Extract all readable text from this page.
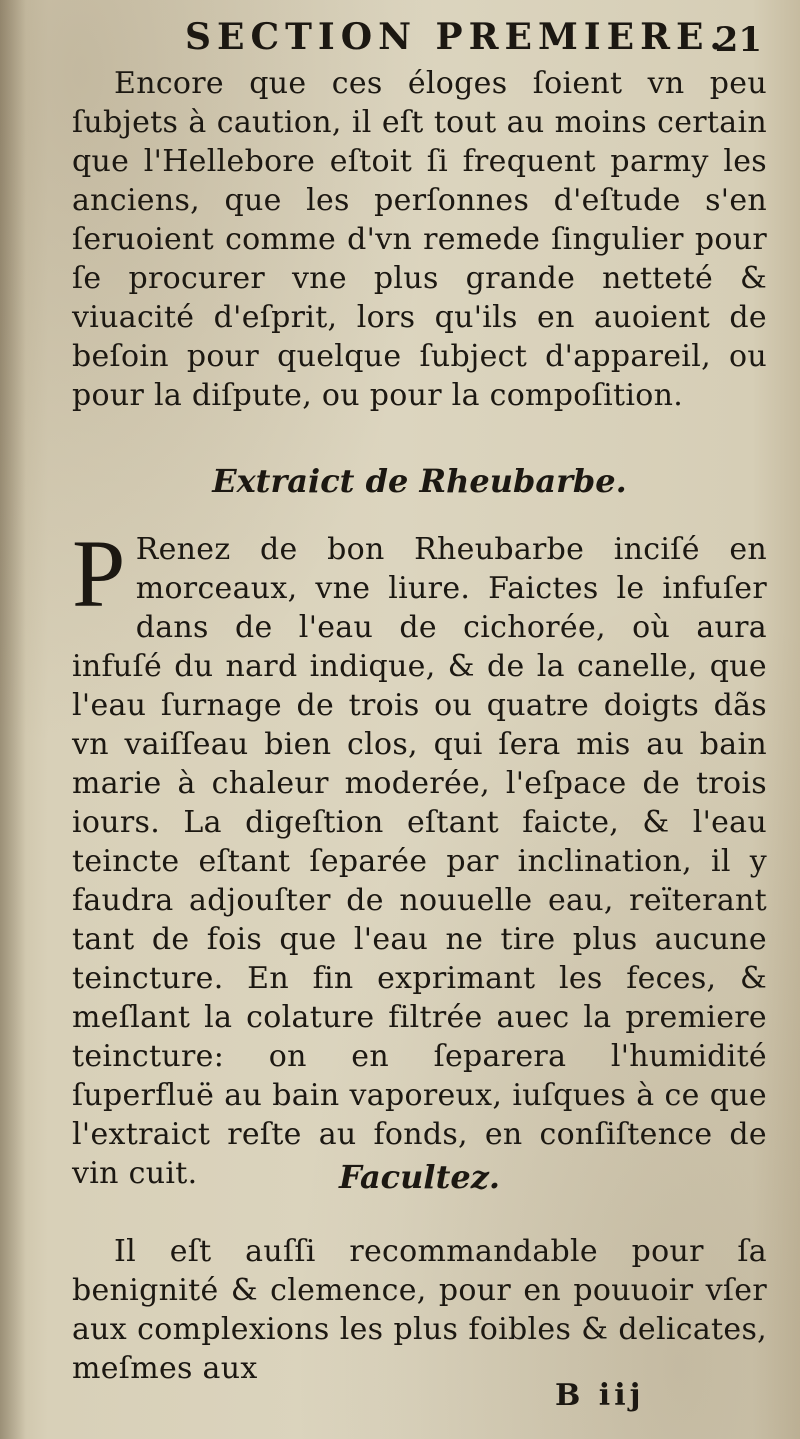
SECTION PREMIERE.
21

Encore que ces éloges ſoient vn peu ſubjets à caution, il eſt tout au moins certain que l'Hellebore eſtoit ſi frequent parmy les anciens, que les perſonnes d'eſtude s'en ſeruoient comme d'vn remede ſingulier pour ſe procurer vne plus grande netteté & viuacité d'eſprit, lors qu'ils en auoient de beſoin pour quelque ſubject d'appareil, ou pour la diſpute, ou pour la compoſition.

Extraict de Rheubarbe.
P Renez de bon Rheubarbe inciſé en morceaux, vne liure. Faictes le infuſer dans de l'eau de cichorée, où aura infuſé du nard indique, & de la canelle, que l'eau ſurnage de trois ou quatre doigts dãs vn vaiſſeau bien clos, qui ſera mis au bain marie à chaleur moderée, l'eſpace de trois iours. La digeſtion eſtant faicte, & l'eau teincte eſtant ſeparée par inclination, il y faudra adjouſter de nouuelle eau, reïterant tant de fois que l'eau ne tire plus aucune teincture. En fin exprimant les feces, & meſlant la colature filtrée auec la premiere teincture: on en ſeparera l'humidité ſuperfluë au bain vaporeux, iuſques à ce que l'extraict reſte au fonds, en conſiſtence de vin cuit.	Facultez.

Il eſt auſſi recommandable pour ſa benignité & clemence, pour en pouuoir vſer aux complexions les plus foibles & delicates, meſmes aux

B iij
